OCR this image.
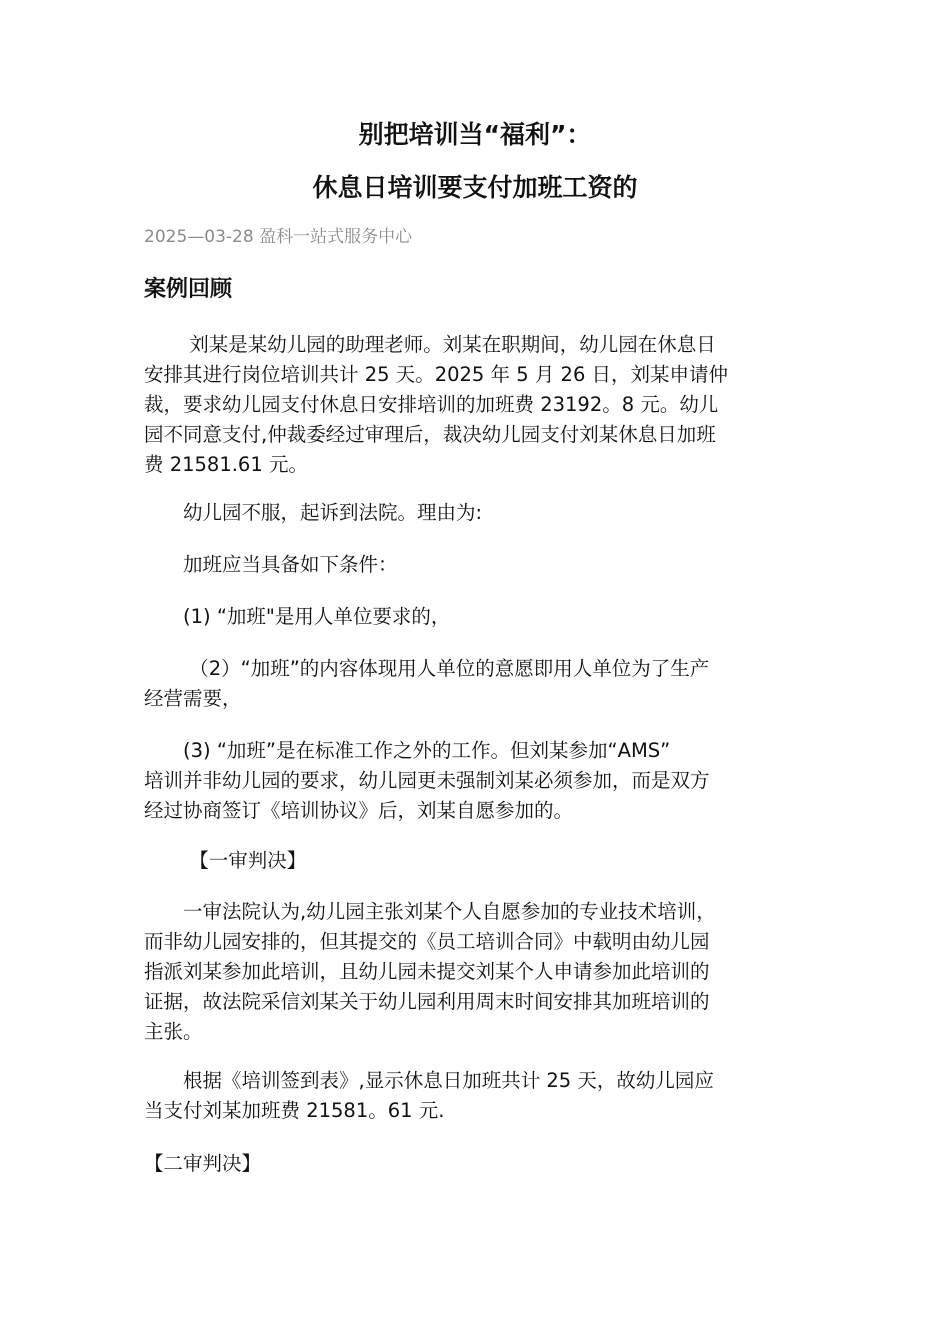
别把培训当“福利”：
休息日培训要支付加班工资的
2025—03-28 盈科一站式服务中心
案例回顾

　　 刘某是某幼儿园的助理老师。刘某在职期间，幼儿园在休息日
安排其进行岗位培训共计 25 天。2025 年 5 月 26 日，刘某申请仲
裁，要求幼儿园支付休息日安排培训的加班费 23192。8 元。幼儿
园不同意支付,仲裁委经过审理后，裁决幼儿园支付刘某休息日加班
费 21581.61 元。

　　幼儿园不服，起诉到法院。理由为:

　　加班应当具备如下条件：

　　(1) “加班"是用人单位要求的，

　　 （2）“加班”的内容体现用人单位的意愿即用人单位为了生产
经营需要，

　　(3) “加班”是在标准工作之外的工作。但刘某参加“AMS”
培训并非幼儿园的要求，幼儿园更未强制刘某必须参加，而是双方
经过协商签订《培训协议》后，刘某自愿参加的。

　　 【一审判决】

　　一审法院认为,幼儿园主张刘某个人自愿参加的专业技术培训，
而非幼儿园安排的，但其提交的《员工培训合同》中载明由幼儿园
指派刘某参加此培训，且幼儿园未提交刘某个人申请参加此培训的
证据，故法院采信刘某关于幼儿园利用周末时间安排其加班培训的
主张。

　　根据《培训签到表》,显示休息日加班共计 25 天，故幼儿园应
当支付刘某加班费 21581。61 元.

【二审判决】
